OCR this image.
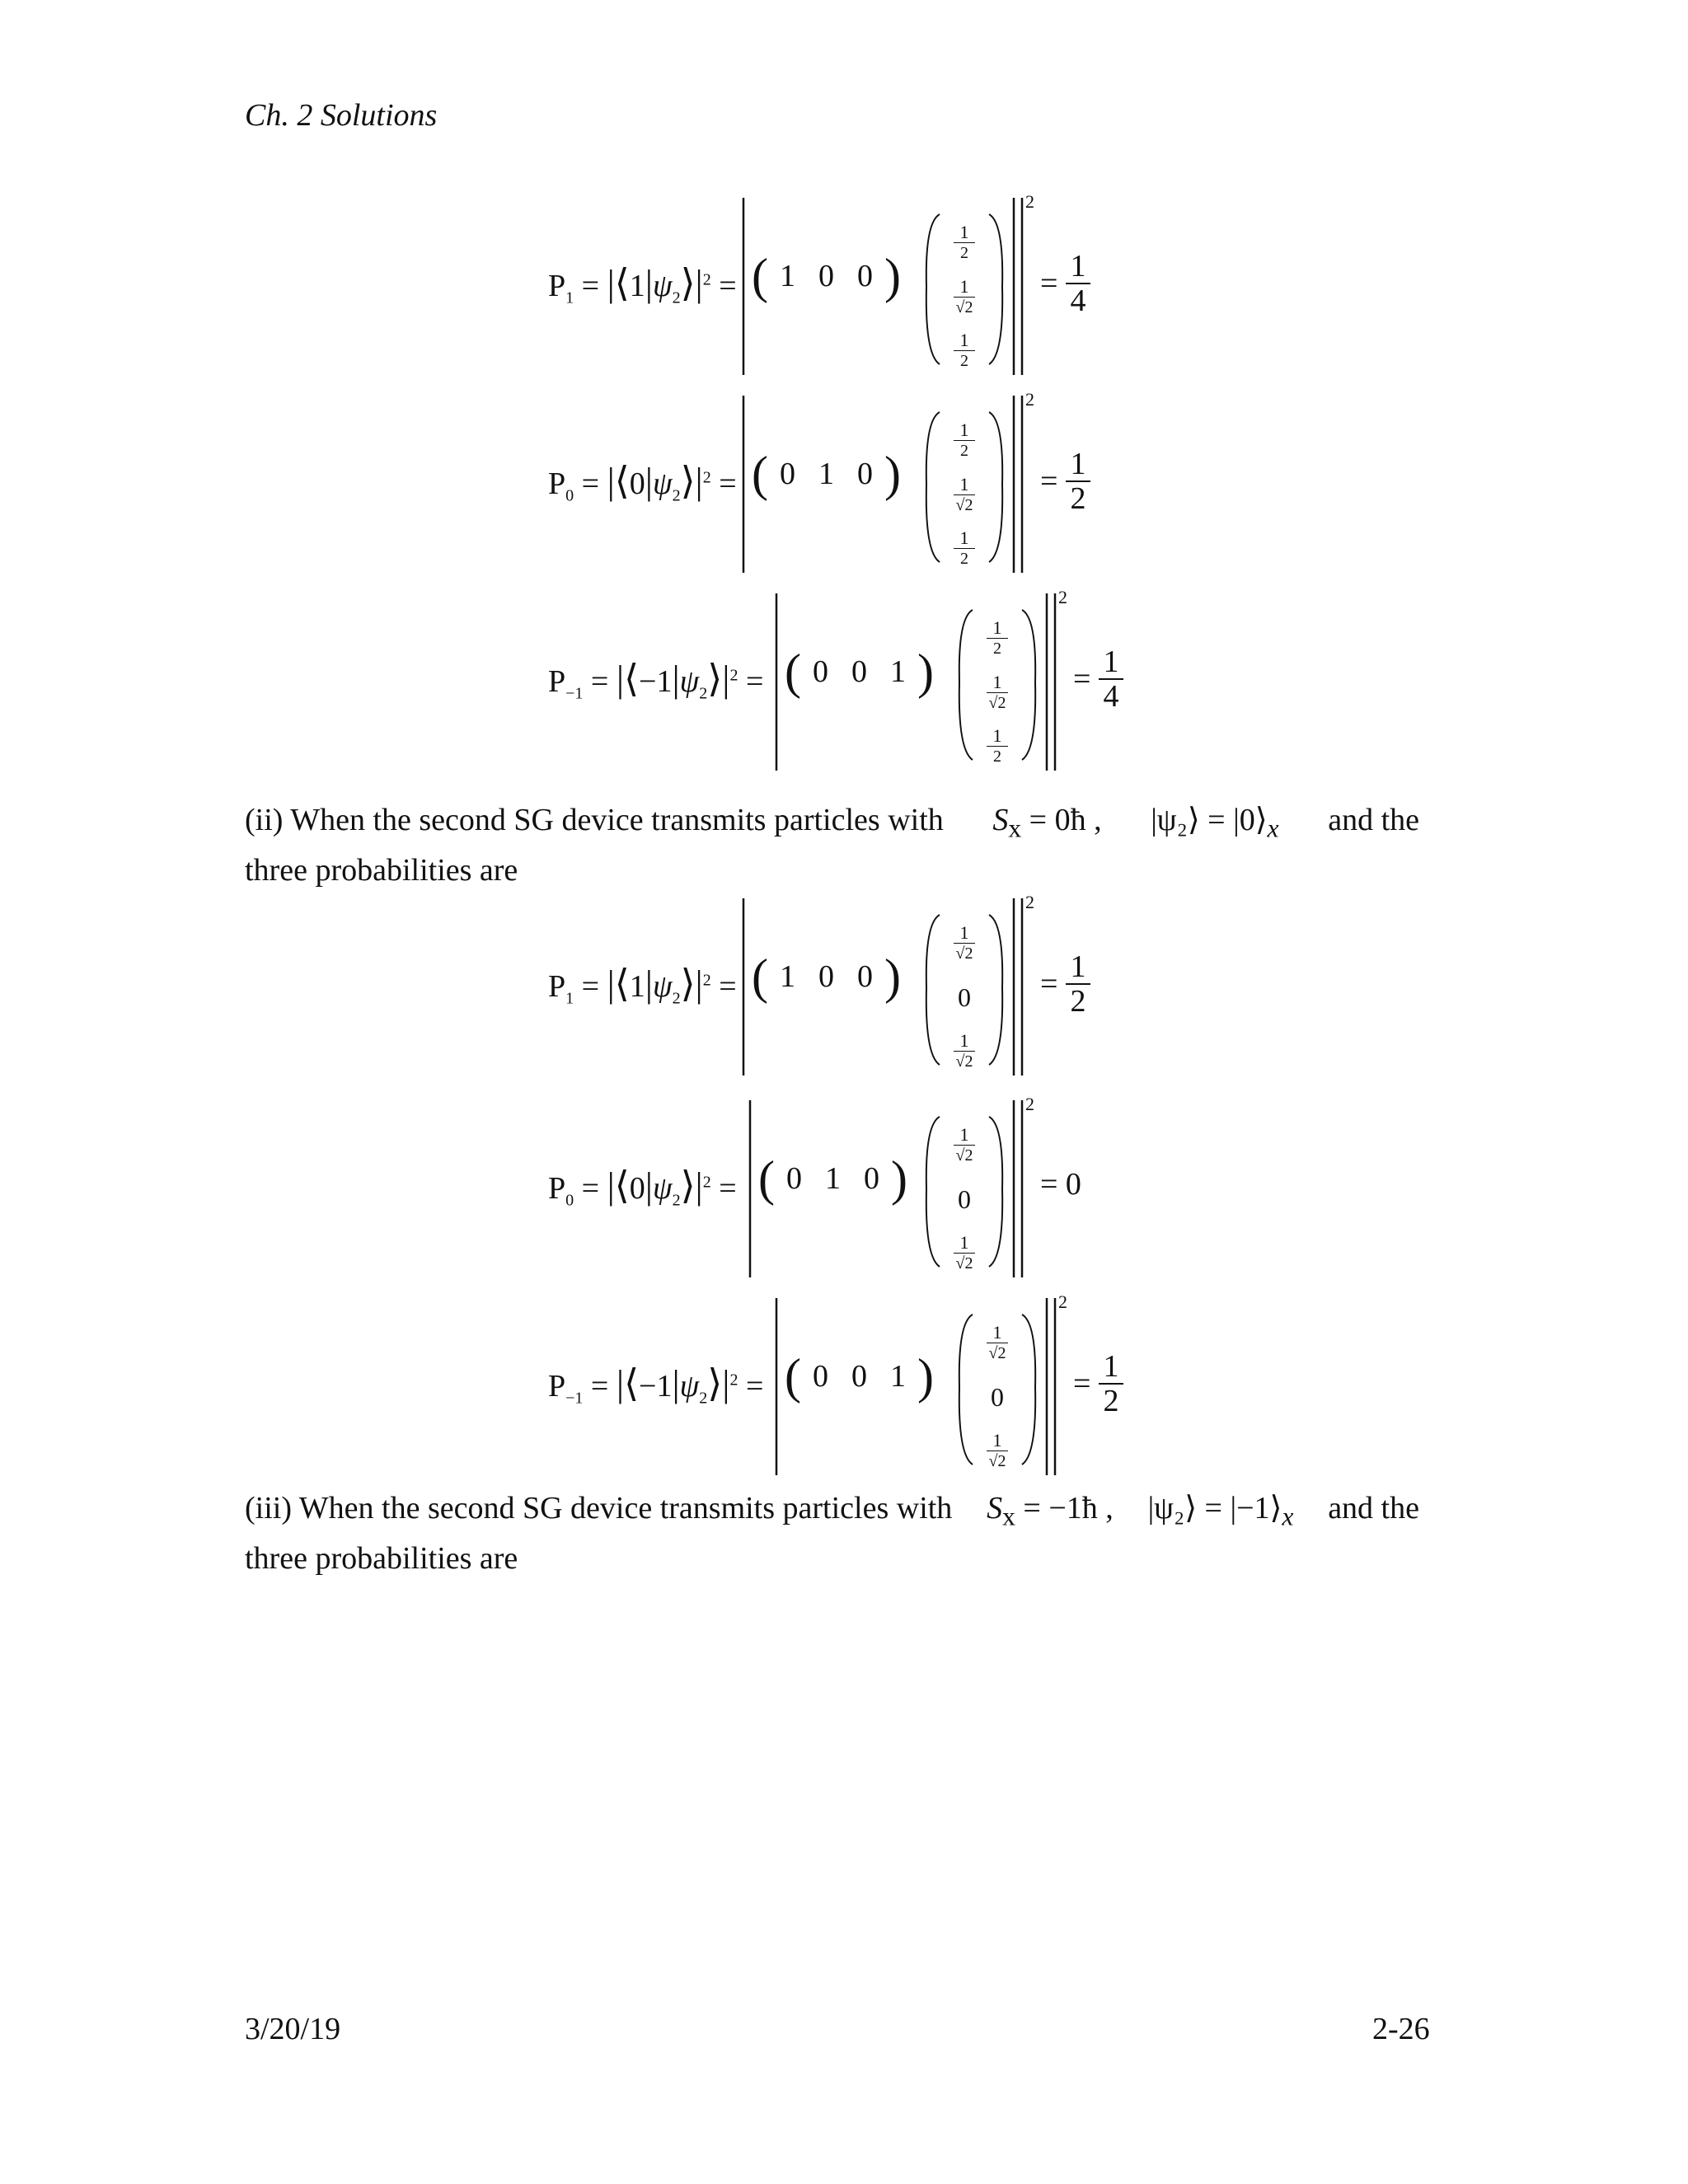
Ch. 2 Solutions
$P_1$ = $|⟨1|\psi_2⟩|^2$ =
2
( 1 0 0 )
$\frac{1}{2}$
$\frac{1}{√2}$
$\frac{1}{2}$
= $\frac{1}{4}$
$P_0$ = $|⟨0|\psi_2⟩|^2$ =
2
( 0 1 0 )
$\frac{1}{2}$
$\frac{1}{√2}$
$\frac{1}{2}$
= $\frac{1}{2}$
$P_{-1}$ = $|⟨-1|\psi_2⟩|^2$ =
2
( 0 0 1 )
$\frac{1}{2}$
$\frac{1}{√2}$
$\frac{1}{2}$
= $\frac{1}{4}$
$P_1$ = $|⟨1|\psi_2⟩|^2$ =
2
( 1 0 0 )
$\frac{1}{√2}$
0
$\frac{1}{√2}$
= $\frac{1}{2}$
$P_0$ = $|⟨0|\psi_2⟩|^2$ =
2
( 0 1 0 )
$\frac{1}{√2}$
0
$\frac{1}{√2}$
= 0
$P_{-1}$ = $|⟨-1|\psi_2⟩|^2$ =
2
( 0 0 1 )
$\frac{1}{√2}$
0
$\frac{1}{√2}$
= $\frac{1}{2}$
(ii) When the second SG device transmits particles with $S_x$ = 0ħ , |ψ₂⟩ = $|0⟩_x$ and the
three probabilities are
(iii) When the second SG device transmits particles with $S_x$ = −1ħ , |ψ₂⟩ = $|-1⟩_x$ and the
three probabilities are
3/20/19	2-26
